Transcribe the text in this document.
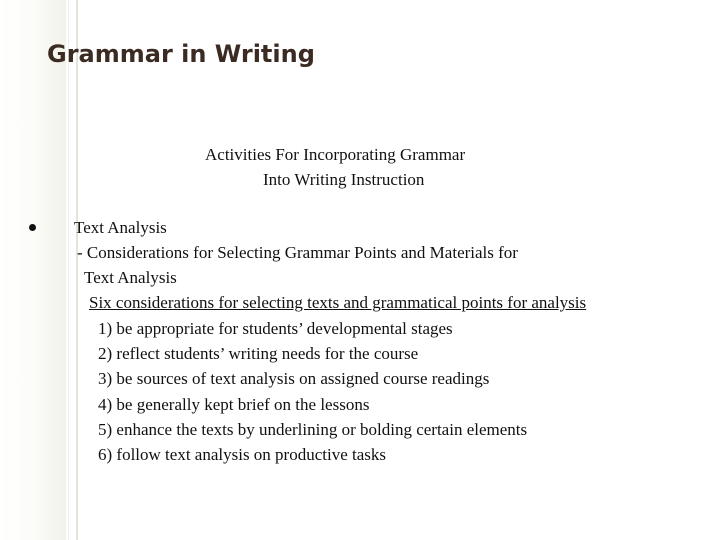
Grammar in Writing
Activities For Incorporating Grammar
Into Writing Instruction
Text Analysis
- Considerations for Selecting Grammar Points and Materials for
Text Analysis
Six considerations for selecting texts and grammatical points for analysis
1) be appropriate for students’ developmental stages
2) reflect students’ writing needs for the course
3) be sources of text analysis on assigned course readings
4) be generally kept brief on the lessons
5) enhance the texts by underlining or bolding certain elements
6) follow text analysis on productive tasks
